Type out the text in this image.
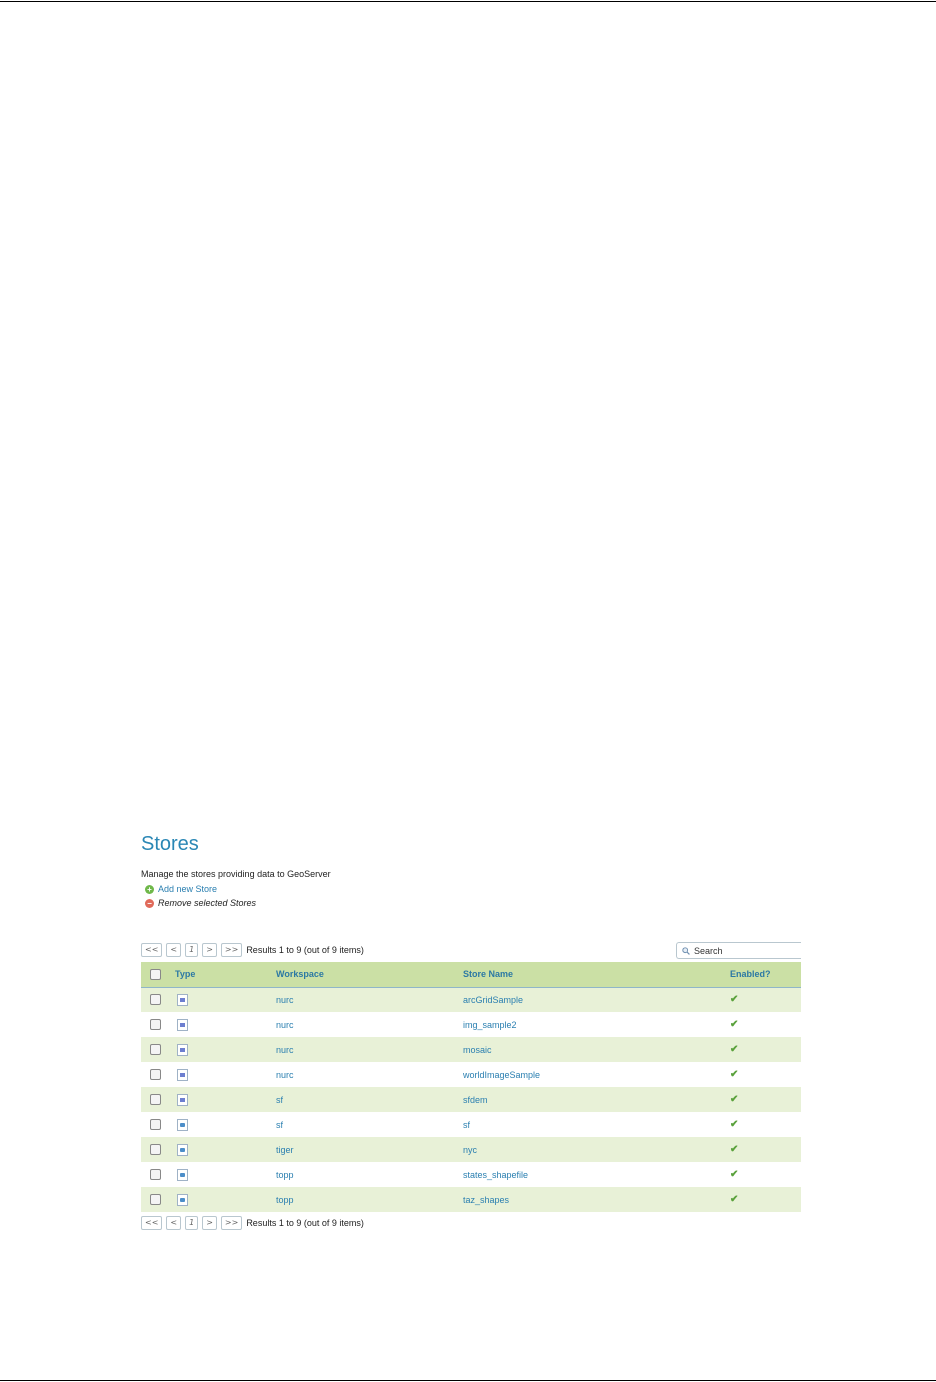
Stores
Manage the stores providing data to GeoServer
+ Add new Store
− Remove selected Stores
<<	<	1	>	>> Results 1 to 9 (out of 9 items)	Search
	Type	Workspace	Store Name	Enabled?
		nurc	arcGridSample	✔
		nurc	img_sample2	✔
		nurc	mosaic	✔
		nurc	worldImageSample	✔
		sf	sfdem	✔
		sf	sf	✔
		tiger	nyc	✔
		topp	states_shapefile	✔
		topp	taz_shapes	✔
<<	<	1	>	>> Results 1 to 9 (out of 9 items)
